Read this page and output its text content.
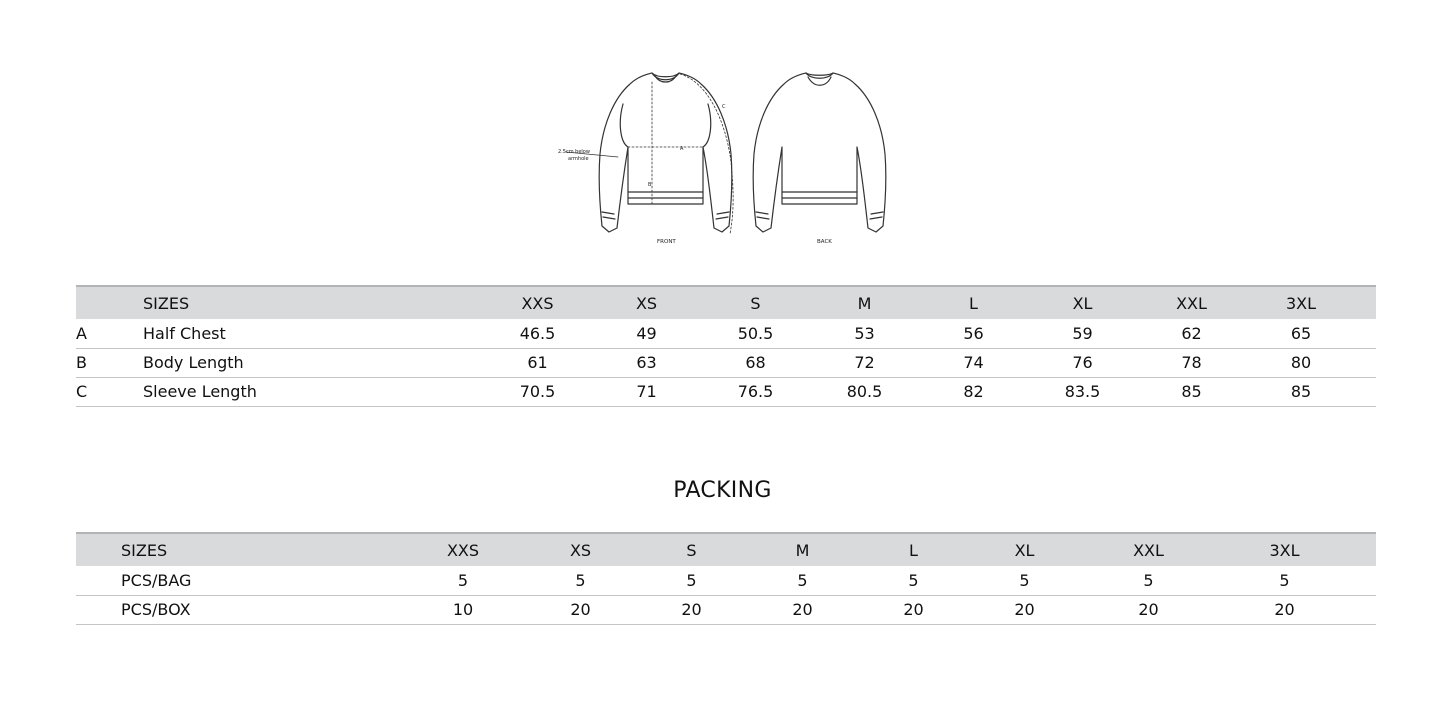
A
B
C
2.5cm below
armhole
FRONT	BACK
	SIZES	XXS	XS	S	M	L	XL	XXL	3XL
A	Half Chest	46.5	49	50.5	53	56	59	62	65
B	Body Length	61	63	68	72	74	76	78	80
C	Sleeve Length	70.5	71	76.5	80.5	82	83.5	85	85
PACKING
	SIZES	XXS	XS	S	M	L	XL	XXL	3XL
	PCS/BAG	5	5	5	5	5	5	5	5
	PCS/BOX	10	20	20	20	20	20	20	20
